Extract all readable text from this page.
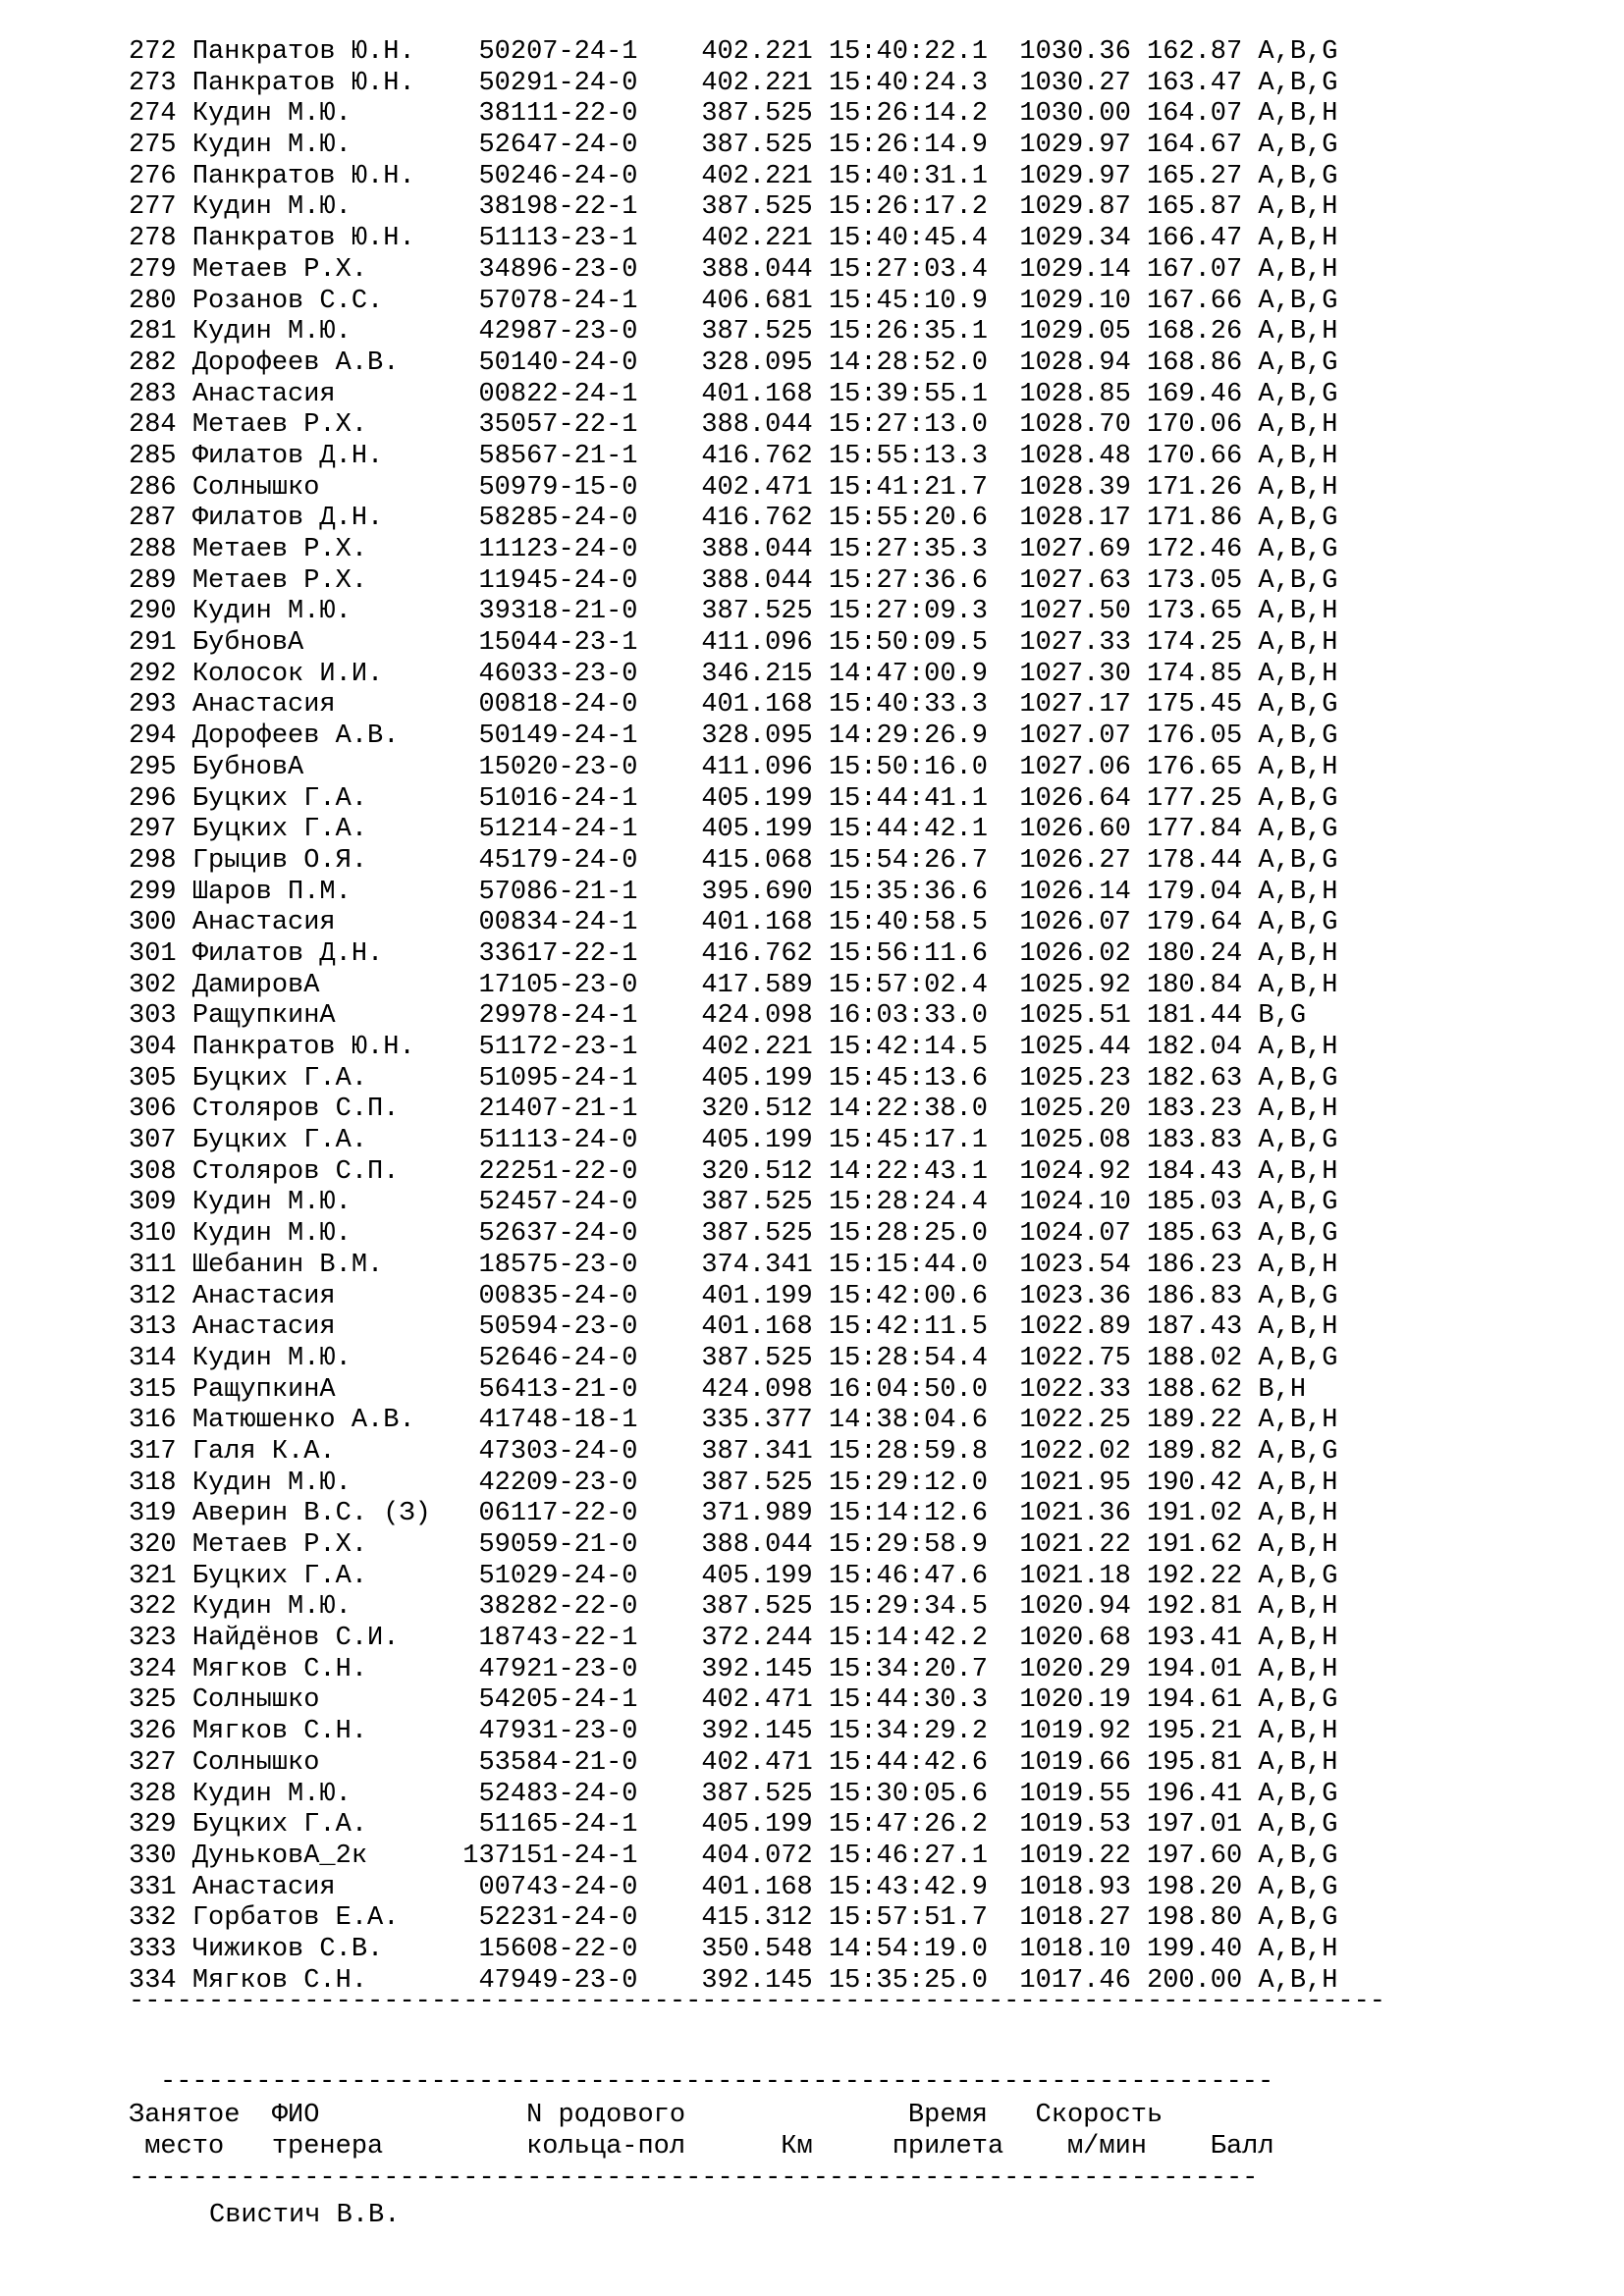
272 Панкратов Ю.Н.    50207-24-1    402.221 15:40:22.1  1030.36 162.87 A,B,G
273 Панкратов Ю.Н.    50291-24-0    402.221 15:40:24.3  1030.27 163.47 A,B,G
274 Кудин М.Ю.        38111-22-0    387.525 15:26:14.2  1030.00 164.07 A,B,H
275 Кудин М.Ю.        52647-24-0    387.525 15:26:14.9  1029.97 164.67 A,B,G
276 Панкратов Ю.Н.    50246-24-0    402.221 15:40:31.1  1029.97 165.27 A,B,G
277 Кудин М.Ю.        38198-22-1    387.525 15:26:17.2  1029.87 165.87 A,B,H
278 Панкратов Ю.Н.    51113-23-1    402.221 15:40:45.4  1029.34 166.47 A,B,H
279 Метаев Р.Х.       34896-23-0    388.044 15:27:03.4  1029.14 167.07 A,B,H
280 Розанов С.С.      57078-24-1    406.681 15:45:10.9  1029.10 167.66 A,B,G
281 Кудин М.Ю.        42987-23-0    387.525 15:26:35.1  1029.05 168.26 A,B,H
282 Дорофеев А.В.     50140-24-0    328.095 14:28:52.0  1028.94 168.86 A,B,G
283 Анастасия         00822-24-1    401.168 15:39:55.1  1028.85 169.46 A,B,G
284 Метаев Р.Х.       35057-22-1    388.044 15:27:13.0  1028.70 170.06 A,B,H
285 Филатов Д.Н.      58567-21-1    416.762 15:55:13.3  1028.48 170.66 A,B,H
286 Солнышко          50979-15-0    402.471 15:41:21.7  1028.39 171.26 A,B,H
287 Филатов Д.Н.      58285-24-0    416.762 15:55:20.6  1028.17 171.86 A,B,G
288 Метаев Р.Х.       11123-24-0    388.044 15:27:35.3  1027.69 172.46 A,B,G
289 Метаев Р.Х.       11945-24-0    388.044 15:27:36.6  1027.63 173.05 A,B,G
290 Кудин М.Ю.        39318-21-0    387.525 15:27:09.3  1027.50 173.65 A,B,H
291 БубновА           15044-23-1    411.096 15:50:09.5  1027.33 174.25 A,B,H
292 Колосок И.И.      46033-23-0    346.215 14:47:00.9  1027.30 174.85 A,B,H
293 Анастасия         00818-24-0    401.168 15:40:33.3  1027.17 175.45 A,B,G
294 Дорофеев А.В.     50149-24-1    328.095 14:29:26.9  1027.07 176.05 A,B,G
295 БубновА           15020-23-0    411.096 15:50:16.0  1027.06 176.65 A,B,H
296 Буцких Г.А.       51016-24-1    405.199 15:44:41.1  1026.64 177.25 A,B,G
297 Буцких Г.А.       51214-24-1    405.199 15:44:42.1  1026.60 177.84 A,B,G
298 Грыцив О.Я.       45179-24-0    415.068 15:54:26.7  1026.27 178.44 A,B,G
299 Шаров П.М.        57086-21-1    395.690 15:35:36.6  1026.14 179.04 A,B,H
300 Анастасия         00834-24-1    401.168 15:40:58.5  1026.07 179.64 A,B,G
301 Филатов Д.Н.      33617-22-1    416.762 15:56:11.6  1026.02 180.24 A,B,H
302 ДамировА          17105-23-0    417.589 15:57:02.4  1025.92 180.84 A,B,H
303 РащупкинА         29978-24-1    424.098 16:03:33.0  1025.51 181.44 B,G
304 Панкратов Ю.Н.    51172-23-1    402.221 15:42:14.5  1025.44 182.04 A,B,H
305 Буцких Г.А.       51095-24-1    405.199 15:45:13.6  1025.23 182.63 A,B,G
306 Столяров С.П.     21407-21-1    320.512 14:22:38.0  1025.20 183.23 A,B,H
307 Буцких Г.А.       51113-24-0    405.199 15:45:17.1  1025.08 183.83 A,B,G
308 Столяров С.П.     22251-22-0    320.512 14:22:43.1  1024.92 184.43 A,B,H
309 Кудин М.Ю.        52457-24-0    387.525 15:28:24.4  1024.10 185.03 A,B,G
310 Кудин М.Ю.        52637-24-0    387.525 15:28:25.0  1024.07 185.63 A,B,G
311 Шебанин В.М.      18575-23-0    374.341 15:15:44.0  1023.54 186.23 A,B,H
312 Анастасия         00835-24-0    401.199 15:42:00.6  1023.36 186.83 A,B,G
313 Анастасия         50594-23-0    401.168 15:42:11.5  1022.89 187.43 A,B,H
314 Кудин М.Ю.        52646-24-0    387.525 15:28:54.4  1022.75 188.02 A,B,G
315 РащупкинА         56413-21-0    424.098 16:04:50.0  1022.33 188.62 B,H
316 Матюшенко А.В.    41748-18-1    335.377 14:38:04.6  1022.25 189.22 A,B,H
317 Галя К.А.         47303-24-0    387.341 15:28:59.8  1022.02 189.82 A,B,G
318 Кудин М.Ю.        42209-23-0    387.525 15:29:12.0  1021.95 190.42 A,B,H
319 Аверин В.С. (З)   06117-22-0    371.989 15:14:12.6  1021.36 191.02 A,B,H
320 Метаев Р.Х.       59059-21-0    388.044 15:29:58.9  1021.22 191.62 A,B,H
321 Буцких Г.А.       51029-24-0    405.199 15:46:47.6  1021.18 192.22 A,B,G
322 Кудин М.Ю.        38282-22-0    387.525 15:29:34.5  1020.94 192.81 A,B,H
323 Найдёнов С.И.     18743-22-1    372.244 15:14:42.2  1020.68 193.41 A,B,H
324 Мягков С.Н.       47921-23-0    392.145 15:34:20.7  1020.29 194.01 A,B,H
325 Солнышко          54205-24-1    402.471 15:44:30.3  1020.19 194.61 A,B,G
326 Мягков С.Н.       47931-23-0    392.145 15:34:29.2  1019.92 195.21 A,B,H
327 Солнышко          53584-21-0    402.471 15:44:42.6  1019.66 195.81 A,B,H
328 Кудин М.Ю.        52483-24-0    387.525 15:30:05.6  1019.55 196.41 A,B,G
329 Буцких Г.А.       51165-24-1    405.199 15:47:26.2  1019.53 197.01 A,B,G
330 ДуньковА_2к      137151-24-1    404.072 15:46:27.1  1019.22 197.60 A,B,G
331 Анастасия         00743-24-0    401.168 15:43:42.9  1018.93 198.20 A,B,G
332 Горбатов Е.А.     52231-24-0    415.312 15:57:51.7  1018.27 198.80 A,B,G
333 Чижиков С.В.      15608-22-0    350.548 14:54:19.0  1018.10 199.40 A,B,H
334 Мягков С.Н.       47949-23-0    392.145 15:35:25.0  1017.46 200.00 A,B,H
-------------------------------------------------------------------------------
----------------------------------------------------------------------
Занятое  ФИО             N родового              Время   Скорость
место   тренера         кольца-пол      Км     прилета    м/мин    Балл
-----------------------------------------------------------------------
Свистич В.В.
